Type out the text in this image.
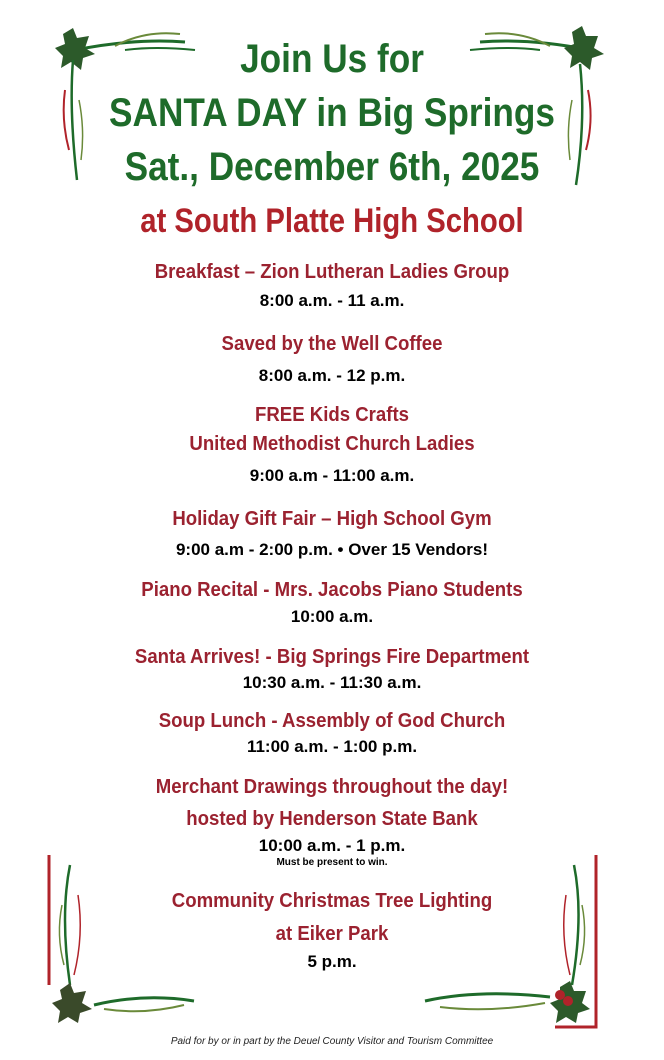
Join Us for
SANTA DAY in Big Springs
Sat., December 6th, 2025
at South Platte High School
Breakfast – Zion Lutheran Ladies Group
8:00 a.m. - 11 a.m.
Saved by the Well Coffee
8:00 a.m. - 12 p.m.
FREE Kids Crafts
United Methodist Church Ladies
9:00 a.m - 11:00 a.m.
Holiday Gift Fair – High School Gym
9:00 a.m - 2:00 p.m. • Over 15 Vendors!
Piano Recital - Mrs. Jacobs Piano Students
10:00 a.m.
Santa Arrives! - Big Springs Fire Department
10:30 a.m. - 11:30 a.m.
Soup Lunch - Assembly of God Church
11:00 a.m. - 1:00 p.m.
Merchant Drawings throughout the day!
hosted by Henderson State Bank
10:00 a.m. - 1 p.m.
Must be present to win.
Community Christmas Tree Lighting
at Eiker Park
5 p.m.
Paid for by or in part by the Deuel County Visitor and Tourism Committee
